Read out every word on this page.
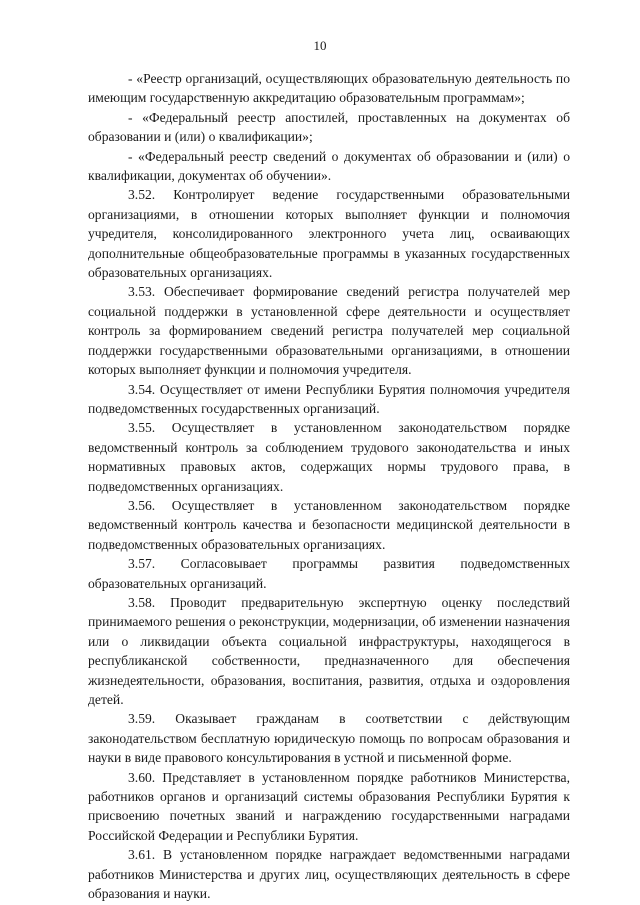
10

- «Реестр организаций, осуществляющих образовательную деятельность по имеющим государственную аккредитацию образовательным программам»;

- «Федеральный реестр апостилей, проставленных на документах об образовании и (или) о квалификации»;

- «Федеральный реестр сведений о документах об образовании и (или) о квалификации, документах об обучении».

3.52. Контролирует ведение государственными образовательными организациями, в отношении которых выполняет функции и полномочия учредителя, консолидированного электронного учета лиц, осваивающих дополнительные общеобразовательные программы в указанных государственных образовательных организациях.

3.53. Обеспечивает формирование сведений регистра получателей мер социальной поддержки в установленной сфере деятельности и осуществляет контроль за формированием сведений регистра получателей мер социальной поддержки государственными образовательными организациями, в отношении которых выполняет функции и полномочия учредителя.

3.54. Осуществляет от имени Республики Бурятия полномочия учредителя подведомственных государственных организаций.

3.55. Осуществляет в установленном законодательством порядке ведомственный контроль за соблюдением трудового законодательства и иных нормативных правовых актов, содержащих нормы трудового права, в подведомственных организациях.

3.56. Осуществляет в установленном законодательством порядке ведомственный контроль качества и безопасности медицинской деятельности в подведомственных образовательных организациях.

3.57. Согласовывает программы развития подведомственных образовательных организаций.

3.58. Проводит предварительную экспертную оценку последствий принимаемого решения о реконструкции, модернизации, об изменении назначения или о ликвидации объекта социальной инфраструктуры, находящегося в республиканской собственности, предназначенного для обеспечения жизнедеятельности, образования, воспитания, развития, отдыха и оздоровления детей.

3.59. Оказывает гражданам в соответствии с действующим законодательством бесплатную юридическую помощь по вопросам образования и науки в виде правового консультирования в устной и письменной форме.

3.60. Представляет в установленном порядке работников Министерства, работников органов и организаций системы образования Республики Бурятия к присвоению почетных званий и награждению государственными наградами Российской Федерации и Республики Бурятия.

3.61. В установленном порядке награждает ведомственными наградами работников Министерства и других лиц, осуществляющих деятельность в сфере образования и науки.
